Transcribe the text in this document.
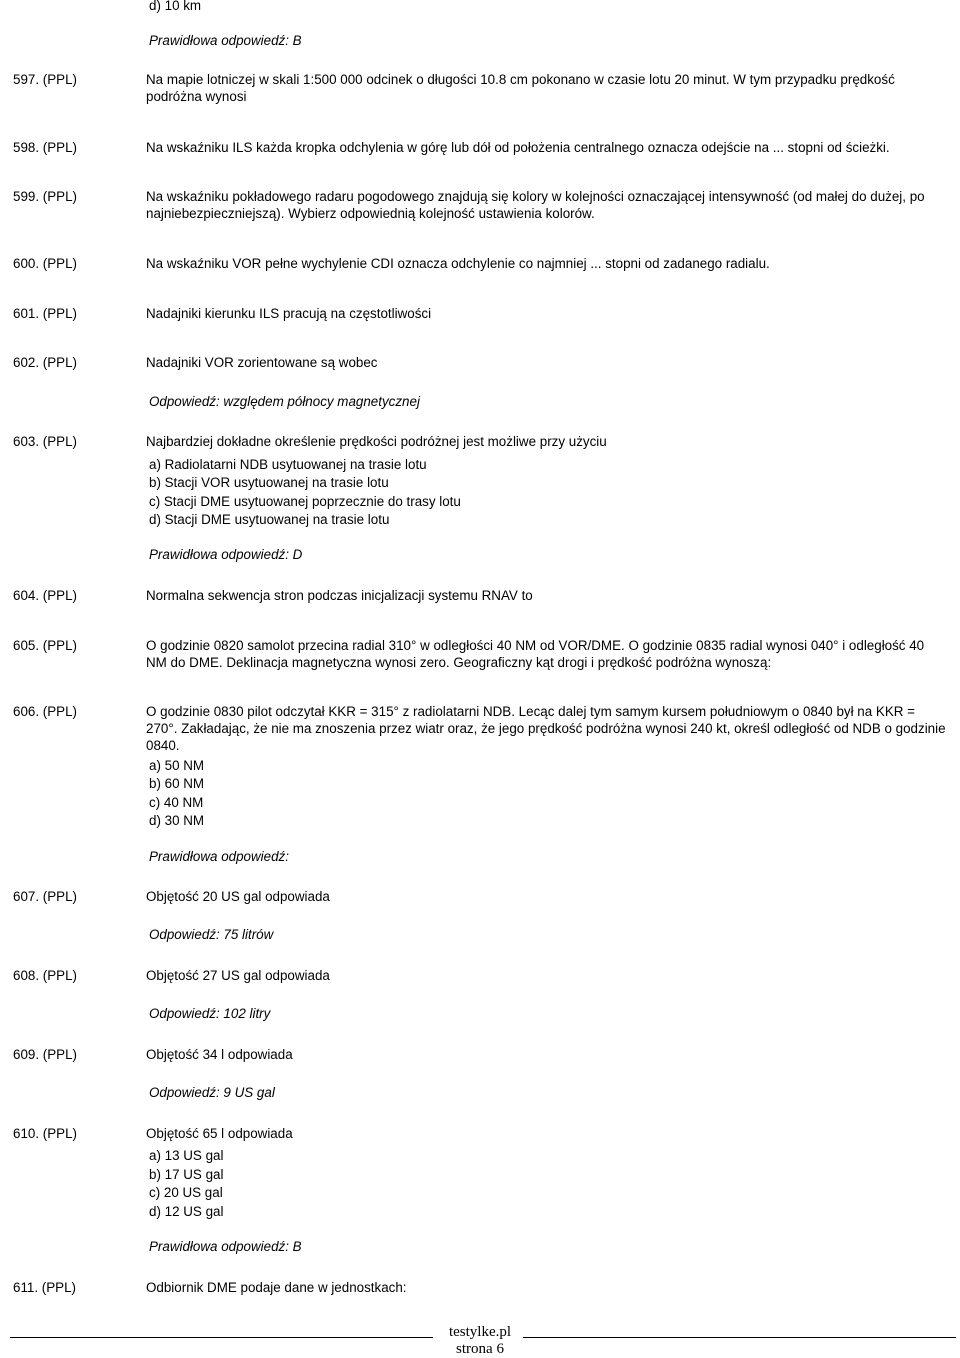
d) 10 km
Prawidłowa odpowiedź: B
597. (PPL)	Na mapie lotniczej w skali 1:500 000 odcinek o długości 10.8 cm pokonano w czasie lotu 20 minut. W tym przypadku prędkość podróżna wynosi
598. (PPL)	Na wskaźniku ILS każda kropka odchylenia w górę lub dół od położenia centralnego oznacza odejście na ... stopni od ścieżki.
599. (PPL)	Na wskaźniku pokładowego radaru pogodowego znajdują się kolory w kolejności oznaczającej intensywność (od małej do dużej, po najniebezpieczniejszą). Wybierz odpowiednią kolejność ustawienia kolorów.
600. (PPL)	Na wskaźniku VOR pełne wychylenie CDI oznacza odchylenie co najmniej ... stopni od zadanego radialu.
601. (PPL)	Nadajniki kierunku ILS pracują na częstotliwości
602. (PPL)	Nadajniki VOR zorientowane są wobec
Odpowiedź: względem północy magnetycznej
603. (PPL)	Najbardziej dokładne określenie prędkości podróżnej jest możliwe przy użyciu
a) Radiolatarni NDB usytuowanej na trasie lotu
b) Stacji VOR usytuowanej na trasie lotu
c) Stacji DME usytuowanej poprzecznie do trasy lotu
d) Stacji DME usytuowanej na trasie lotu
Prawidłowa odpowiedź: D
604. (PPL)	Normalna sekwencja stron podczas inicjalizacji systemu RNAV to
605. (PPL)	O godzinie 0820 samolot przecina radial 310° w odległości 40 NM od VOR/DME. O godzinie 0835 radial wynosi 040° i odległość 40 NM do DME. Deklinacja magnetyczna wynosi zero. Geograficzny kąt drogi i prędkość podróżna wynoszą:
606. (PPL)	O godzinie 0830 pilot odczytał KKR = 315° z radiolatarni NDB. Lecąc dalej tym samym kursem południowym o 0840 był na KKR = 270°. Zakładając, że nie ma znoszenia przez wiatr oraz, że jego prędkość podróżna wynosi 240 kt, określ odległość od NDB o godzinie 0840.
a) 50 NM
b) 60 NM
c) 40 NM
d) 30 NM
Prawidłowa odpowiedź:
607. (PPL)	Objętość 20 US gal odpowiada
Odpowiedź: 75 litrów
608. (PPL)	Objętość 27 US gal odpowiada
Odpowiedź: 102 litry
609. (PPL)	Objętość 34 l odpowiada
Odpowiedź: 9 US gal
610. (PPL)	Objętość 65 l odpowiada
a) 13 US gal
b) 17 US gal
c) 20 US gal
d) 12 US gal
Prawidłowa odpowiedź: B
611. (PPL)	Odbiornik DME podaje dane w jednostkach:
testylke.pl
strona 6
